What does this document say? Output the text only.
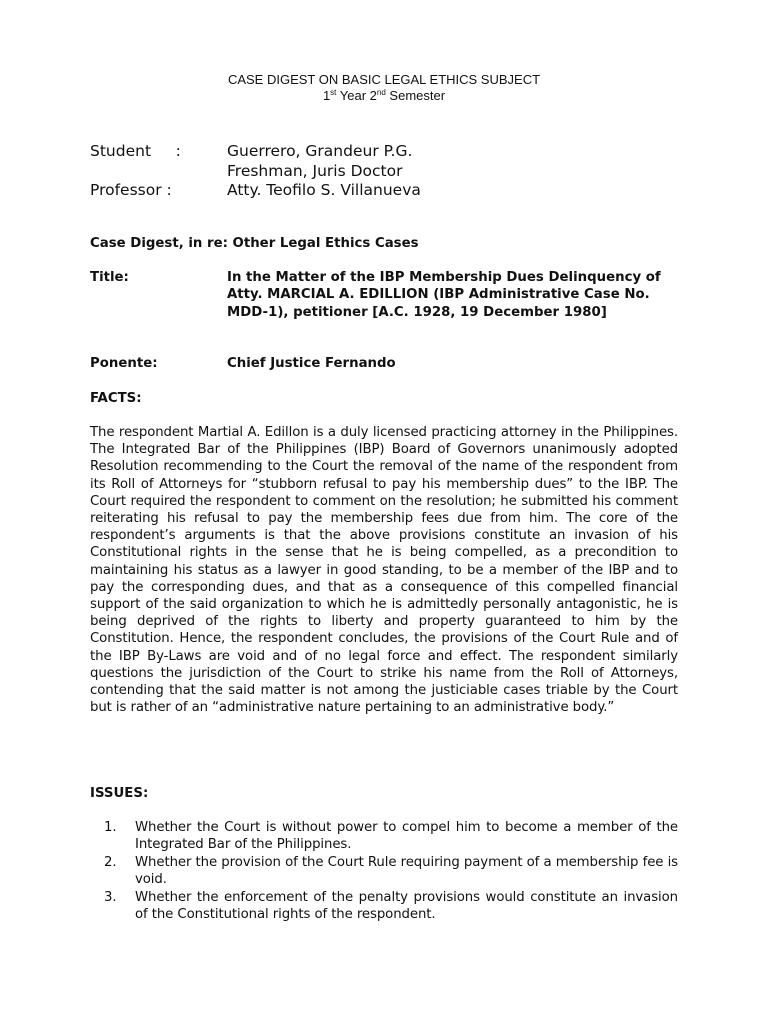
CASE DIGEST ON BASIC LEGAL ETHICS SUBJECT
1st Year 2nd Semester
Student     :	Guerrero, Grandeur P.G.
Freshman, Juris Doctor
Professor :	Atty. Teofilo S. Villanueva
Case Digest, in re: Other Legal Ethics Cases
Title:	In the Matter of the IBP Membership Dues Delinquency of Atty. MARCIAL A. EDILLION (IBP Administrative Case No. MDD-1), petitioner [A.C. 1928, 19 December 1980]
Ponente:	Chief Justice Fernando
FACTS:
The respondent Martial A. Edillon is a duly licensed practicing attorney in the Philippines. The Integrated Bar of the Philippines (IBP) Board of Governors unanimously adopted Resolution recommending to the Court the removal of the name of the respondent from its Roll of Attorneys for “stubborn refusal to pay his membership dues” to the IBP. The Court required the respondent to comment on the resolution; he submitted his comment reiterating his refusal to pay the membership fees due from him. The core of the respondent’s arguments is that the above provisions constitute an invasion of his Constitutional rights in the sense that he is being compelled, as a precondition to maintaining his status as a lawyer in good standing, to be a member of the IBP and to pay the corresponding dues, and that as a consequence of this compelled financial support of the said organization to which he is admittedly personally antagonistic, he is being deprived of the rights to liberty and property guaranteed to him by the Constitution. Hence, the respondent concludes, the provisions of the Court Rule and of the IBP By-Laws are void and of no legal force and effect. The respondent similarly questions the jurisdiction of the Court to strike his name from the Roll of Attorneys, contending that the said matter is not among the justiciable cases triable by the Court but is rather of an “administrative nature pertaining to an administrative body.”
ISSUES:
1. Whether the Court is without power to compel him to become a member of the Integrated Bar of the Philippines.
2. Whether the provision of the Court Rule requiring payment of a membership fee is void.
3. Whether the enforcement of the penalty provisions would constitute an invasion of the Constitutional rights of the respondent.
